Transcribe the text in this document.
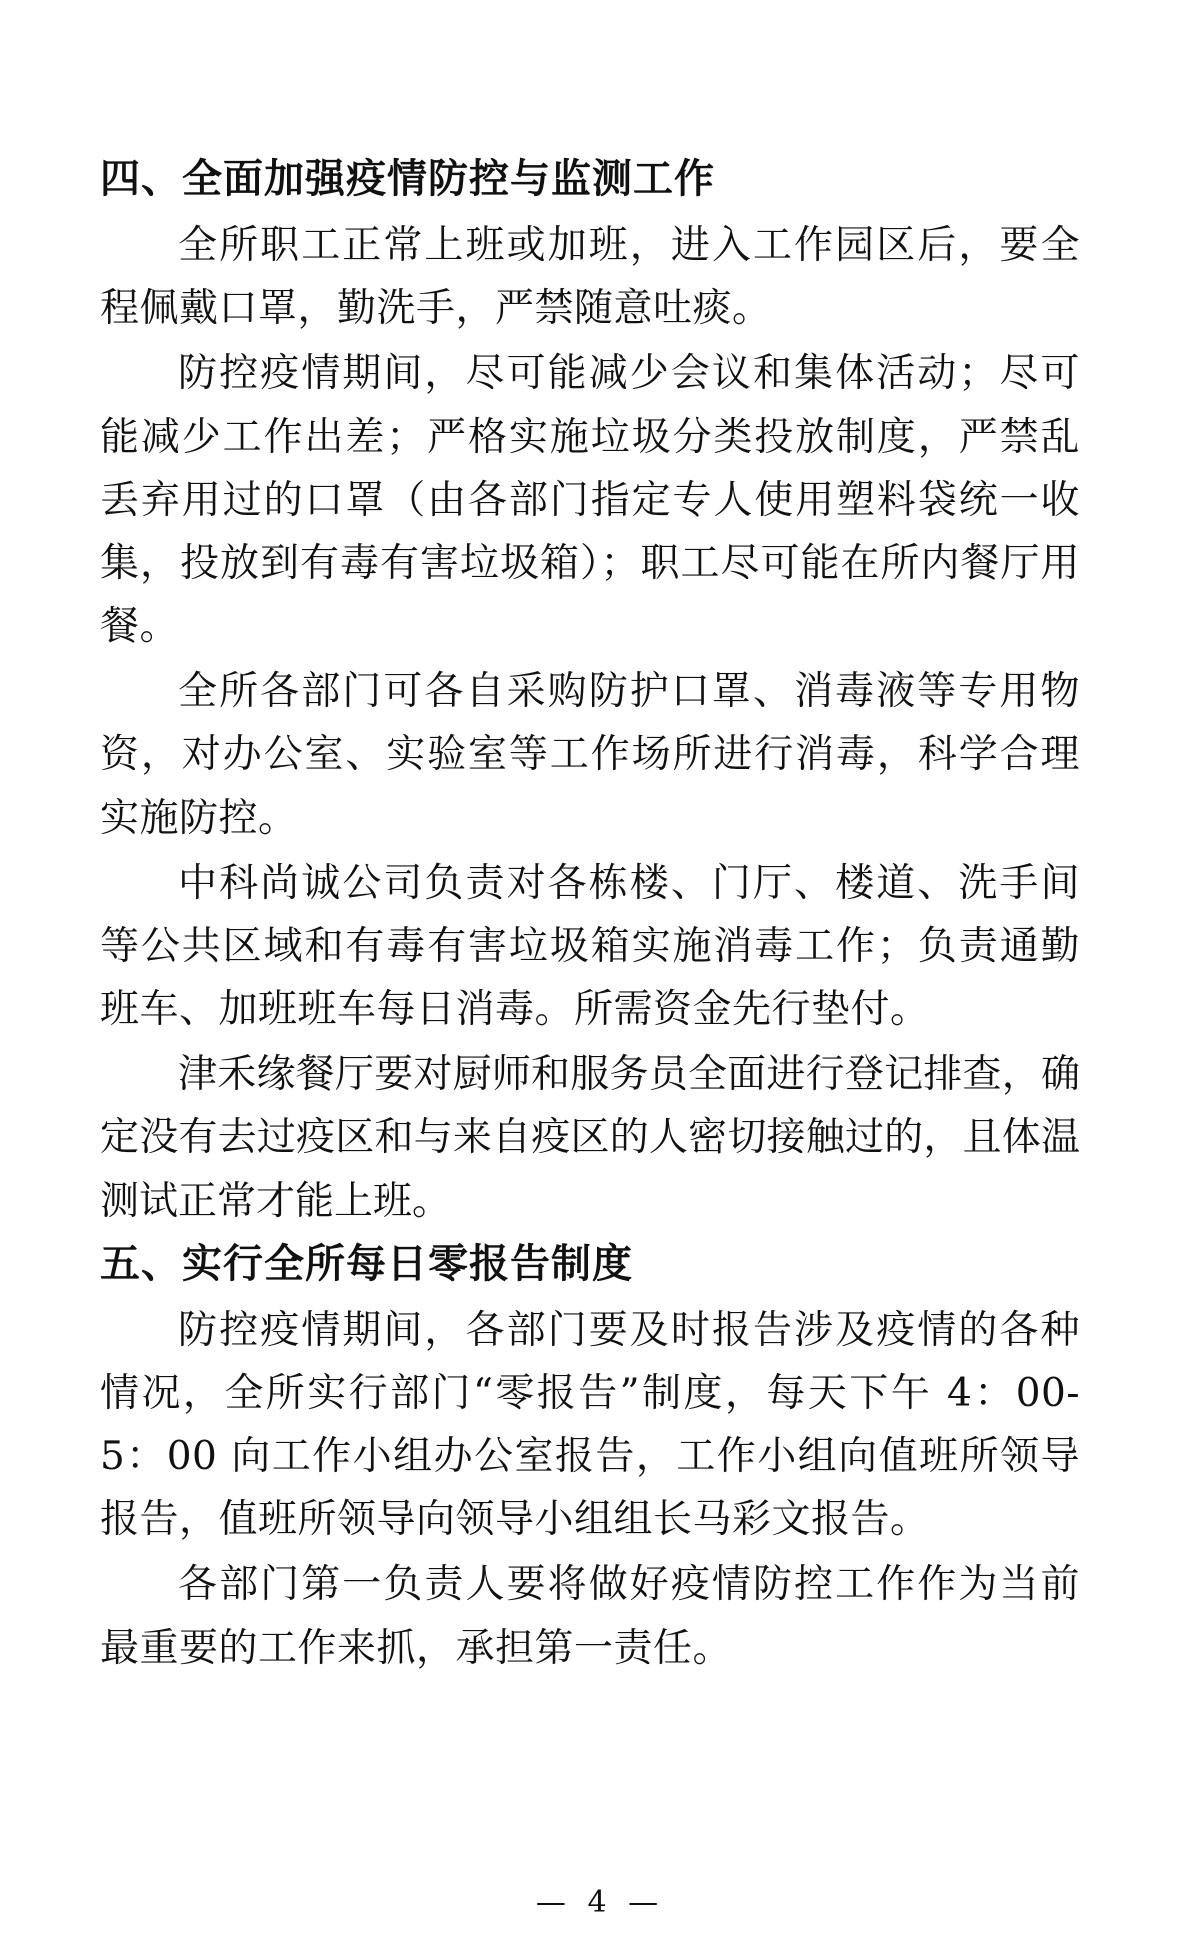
四、全面加强疫情防控与监测工作

全所职工正常上班或加班，进入工作园区后，要全程佩戴口罩，勤洗手，严禁随意吐痰。

防控疫情期间，尽可能减少会议和集体活动；尽可能减少工作出差；严格实施垃圾分类投放制度，严禁乱丢弃用过的口罩（由各部门指定专人使用塑料袋统一收集，投放到有毒有害垃圾箱）；职工尽可能在所内餐厅用餐。

全所各部门可各自采购防护口罩、消毒液等专用物资，对办公室、实验室等工作场所进行消毒，科学合理实施防控。

中科尚诚公司负责对各栋楼、门厅、楼道、洗手间等公共区域和有毒有害垃圾箱实施消毒工作；负责通勤班车、加班班车每日消毒。所需资金先行垫付。

津禾缘餐厅要对厨师和服务员全面进行登记排查，确定没有去过疫区和与来自疫区的人密切接触过的，且体温测试正常才能上班。

五、实行全所每日零报告制度

防控疫情期间，各部门要及时报告涉及疫情的各种情况，全所实行部门“零报告”制度，每天下午 4：00-5：00 向工作小组办公室报告，工作小组向值班所领导报告，值班所领导向领导小组组长马彩文报告。

各部门第一负责人要将做好疫情防控工作作为当前最重要的工作来抓，承担第一责任。

— 4 —
